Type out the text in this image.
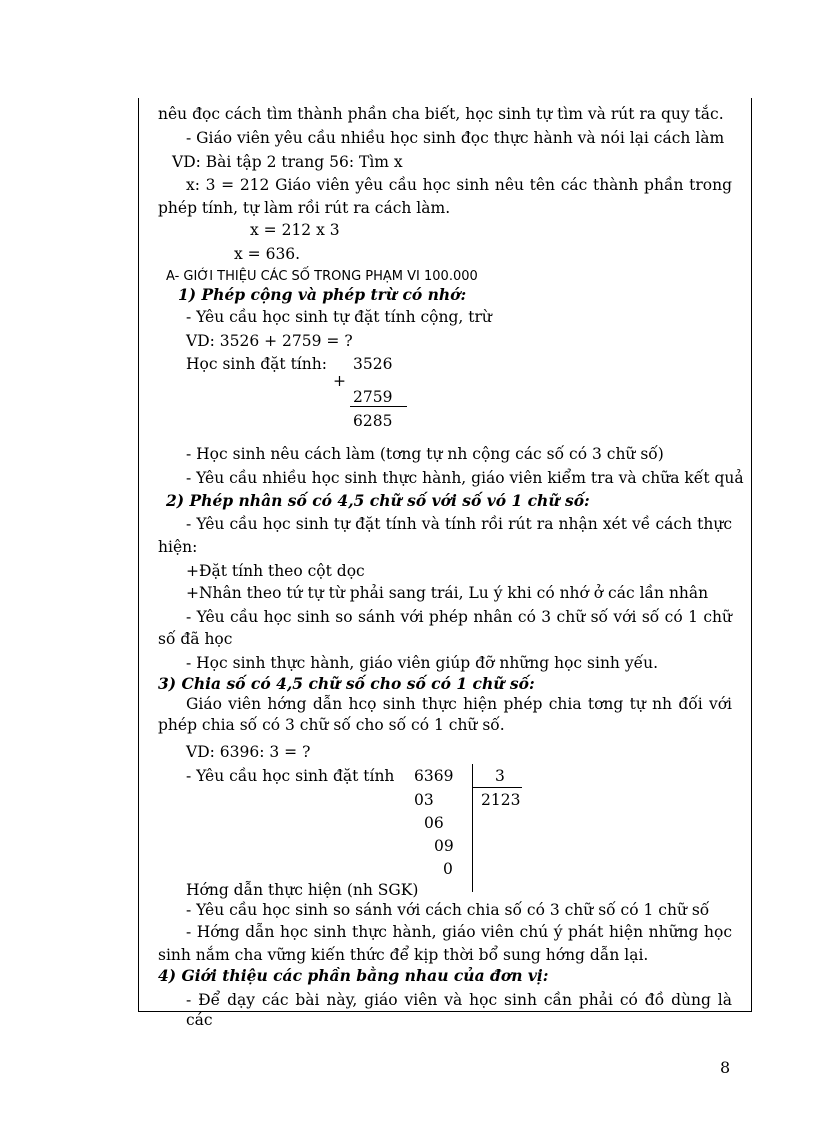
nêu đọc cách tìm thành phần cha biết, học sinh tự tìm và rút ra quy tắc.
- Giáo viên yêu cầu nhiều học sinh đọc thực hành và nói lại cách làm
VD: Bài tập 2 trang 56: Tìm x
x: 3 = 212 Giáo viên yêu cầu học sinh nêu tên các thành phần trong
phép tính, tự làm rồi rút ra cách làm.
x = 212 x 3
x = 636.
A- GIỚI THIỆU CÁC SỐ TRONG PHẠM VI 100.000
1) Phép cộng và phép trừ có nhớ:
- Yêu cầu học sinh tự đặt tính cộng, trừ
VD: 3526 + 2759 = ?
Học sinh đặt tính: 3526
+
2759
6285
- Học sinh nêu cách làm (tơng tự nh cộng các số có 3 chữ số)
- Yêu cầu nhiều học sinh thực hành, giáo viên kiểm tra và chữa kết quả
2) Phép nhân số có 4,5 chữ số với số vó 1 chữ số:
- Yêu cầu học sinh tự đặt tính và tính rồi rút ra nhận xét về cách thực
hiện:
+Đặt tính theo cột dọc
+Nhân theo tứ tự từ phải sang trái, Lu ý khi có nhớ ở các lần nhân
- Yêu cầu học sinh so sánh với phép nhân có 3 chữ số với số có 1 chữ
số đã học
- Học sinh thực hành, giáo viên giúp đỡ những học sinh yếu.
3) Chia số có 4,5 chữ số cho số có 1 chữ số:
Giáo viên hớng dẫn hcọ sinh thực hiện phép chia tơng tự nh đối với
phép chia số có 3 chữ số cho số có 1 chữ số.
VD: 6396: 3 = ?
- Yêu cầu học sinh đặt tính 6369	3
2123
03
06
09
0
Hớng dẫn thực hiện (nh SGK)
- Yêu cầu học sinh so sánh với cách chia số có 3 chữ số có 1 chữ số
- Hớng dẫn học sinh thực hành, giáo viên chú ý phát hiện những học
sinh nắm cha vững kiến thức để kịp thời bổ sung hớng dẫn lại.
4) Giới thiệu các phần bằng nhau của đơn vị:
- Để dạy các bài này, giáo viên và học sinh cần phải có đồ dùng là các
8
